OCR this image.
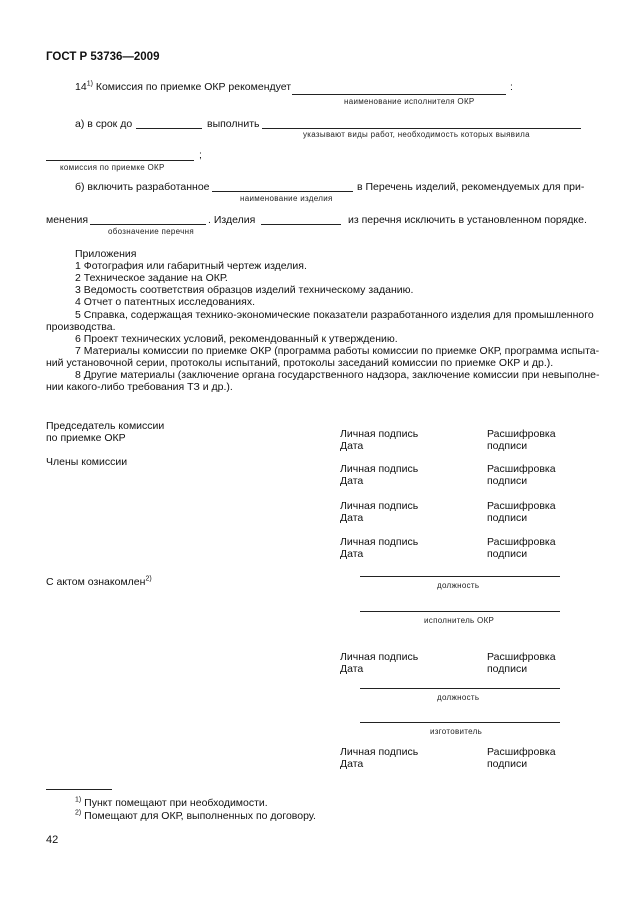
ГОСТ Р 53736—2009
14$^{1)}$ Комиссия по приемке ОКР рекомендует	:
наименование исполнителя ОКР
а) в срок до	выполнить
указывают виды работ, необходимость которых выявила
;
комиссия по приемке ОКР
б) включить разработанное	в Перечень изделий, рекомендуемых для при-
наименование изделия
менения	. Изделия	из перечня исключить в установленном порядке.
обозначение перечня
Приложения
1 Фотография или габаритный чертеж изделия.
2 Техническое задание на ОКР.
3 Ведомость соответствия образцов изделий техническому заданию.
4 Отчет о патентных исследованиях.
5 Справка, содержащая технико-экономические показатели разработанного изделия для промышленного
производства.
6 Проект технических условий, рекомендованный к утверждению.
7 Материалы комиссии по приемке ОКР (программа работы комиссии по приемке ОКР, программа испыта-
ний установочной серии, протоколы испытаний, протоколы заседаний комиссии по приемке ОКР и др.).
8 Другие материалы (заключение органа государственного надзора, заключение комиссии при невыполне-
нии какого-либо требования ТЗ и др.).
Председатель комиссии
по приемке ОКР
Члены комиссии
Личная подпись
Дата
Расшифровка
подписи
Личная подпись
Дата
Расшифровка
подписи
Личная подпись
Дата
Расшифровка
подписи
Личная подпись
Дата
Расшифровка
подписи
С актом ознакомлен$^{2)}$
должность
исполнитель ОКР
Личная подпись
Дата
Расшифровка
подписи
должность
изготовитель
Личная подпись
Дата
Расшифровка
подписи
$^{1)}$ Пункт помещают при необходимости.
$^{2)}$ Помещают для ОКР, выполненных по договору.
42
